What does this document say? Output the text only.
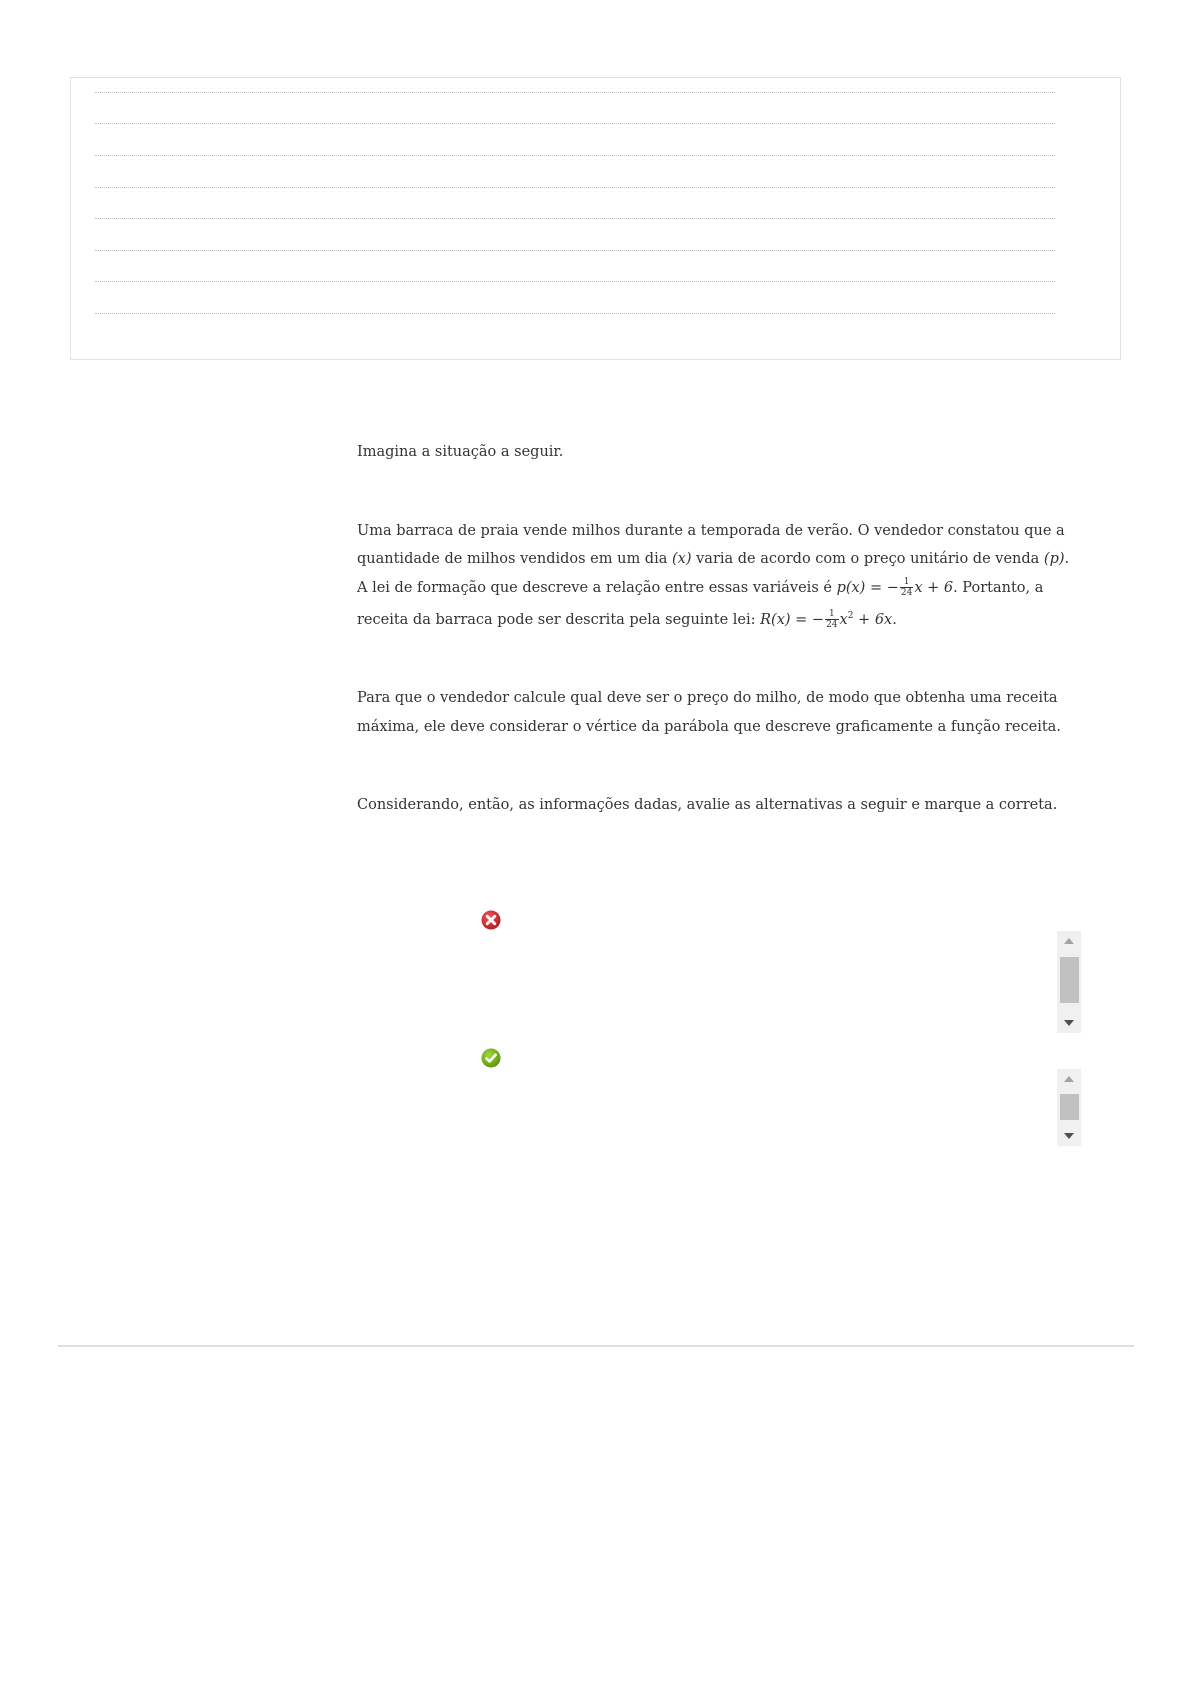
Imagina a situação a seguir.

Uma barraca de praia vende milhos durante a temporada de verão. O vendedor constatou que a quantidade de milhos vendidos em um dia (x) varia de acordo com o preço unitário de venda (p). A lei de formação que descreve a relação entre essas variáveis é p(x) = − $\frac{1}{24}$ x + 6. Portanto, a receita da barraca pode ser descrita pela seguinte lei: R(x) = − $\frac{1}{24} x^2 + 6x$.

Para que o vendedor calcule qual deve ser o preço do milho, de modo que obtenha uma receita máxima, ele deve considerar o vértice da parábola que descreve graficamente a função receita.

Considerando, então, as informações dadas, avalie as alternativas a seguir e marque a correta.
